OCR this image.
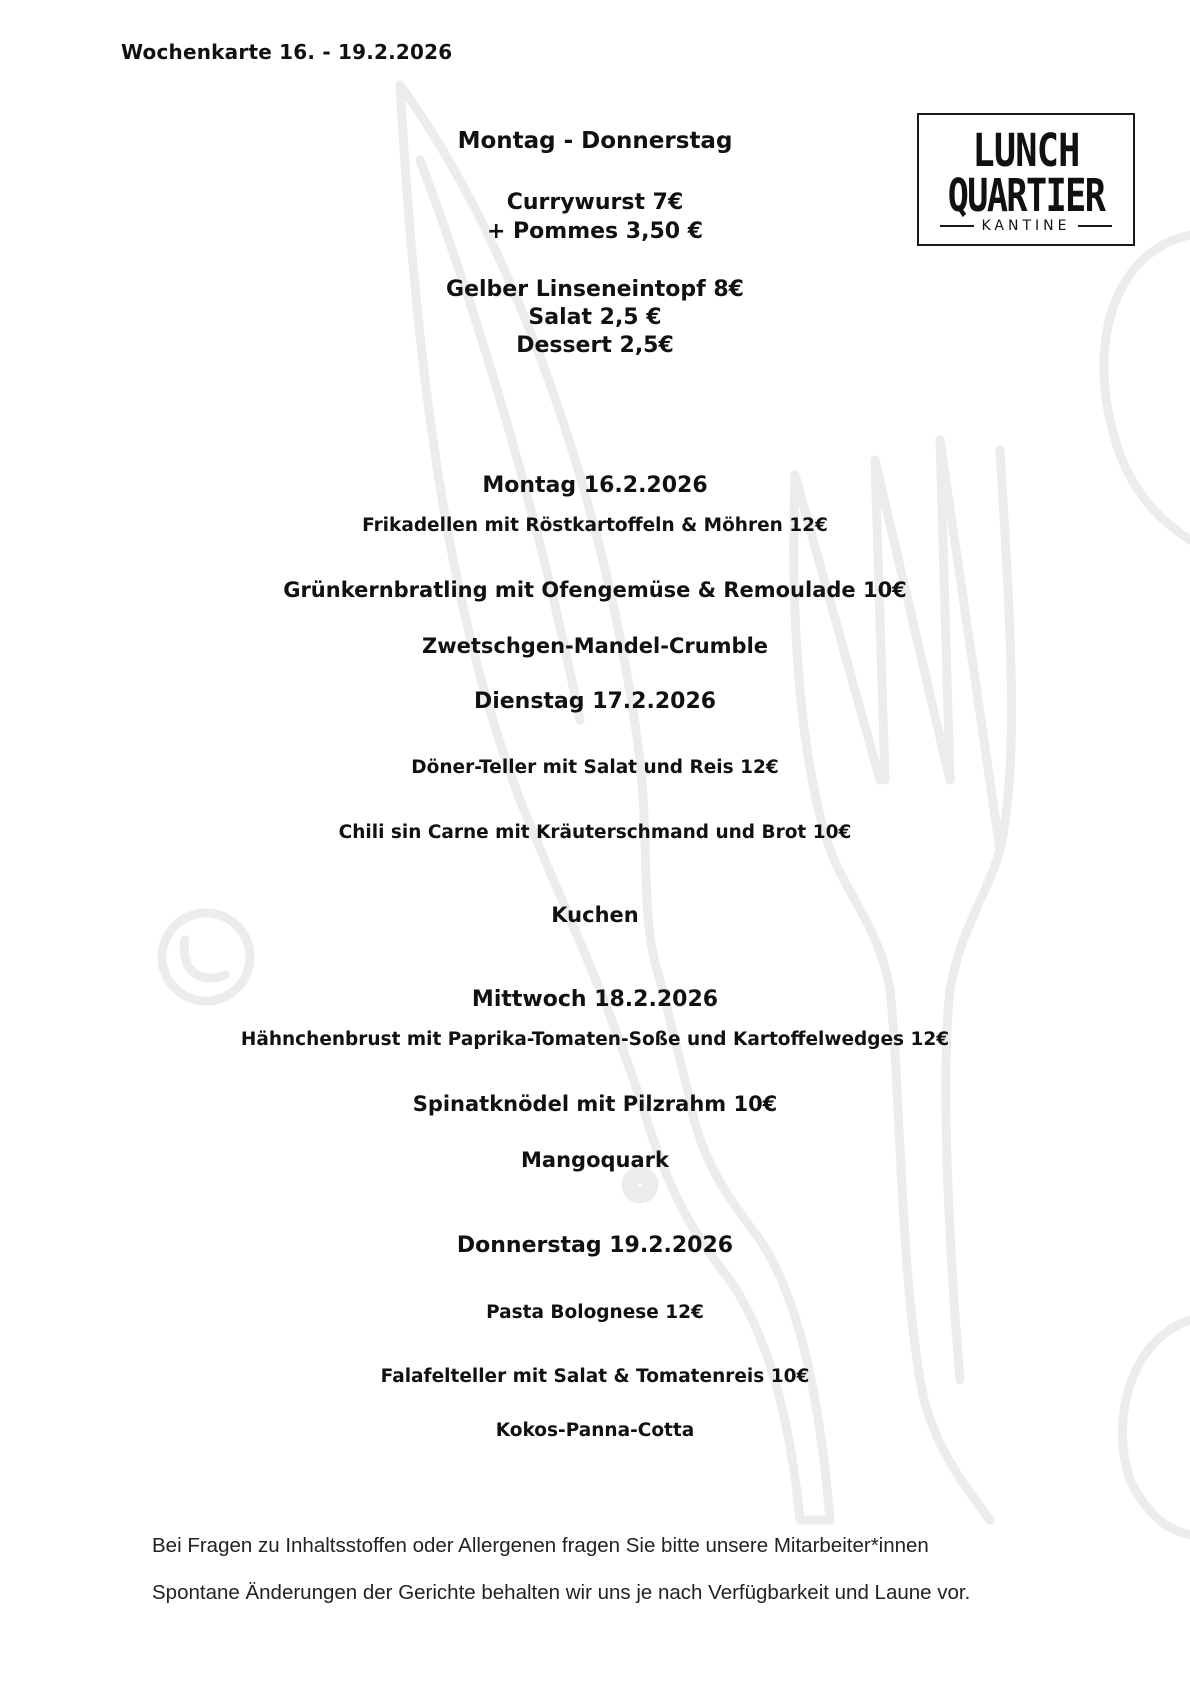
Wochenkarte 16. - 19.2.2026
LUNCH
QUARTIER
KANTINE
Montag - Donnerstag
Currywurst 7€
+ Pommes 3,50 €
Gelber Linseneintopf 8€
Salat 2,5 €
Dessert 2,5€
Montag 16.2.2026
Frikadellen mit Röstkartoffeln & Möhren 12€
Grünkernbratling mit Ofengemüse & Remoulade 10€
Zwetschgen-Mandel-Crumble
Dienstag 17.2.2026
Döner-Teller mit Salat und Reis 12€
Chili sin Carne mit Kräuterschmand und Brot 10€
Kuchen
Mittwoch 18.2.2026
Hähnchenbrust mit Paprika-Tomaten-Soße und Kartoffelwedges 12€
Spinatknödel mit Pilzrahm 10€
Mangoquark
Donnerstag 19.2.2026
Pasta Bolognese 12€
Falafelteller mit Salat & Tomatenreis 10€
Kokos-Panna-Cotta
Bei Fragen zu Inhaltsstoffen oder Allergenen fragen Sie bitte unsere Mitarbeiter*innen
Spontane Änderungen der Gerichte behalten wir uns je nach Verfügbarkeit und Laune vor.
